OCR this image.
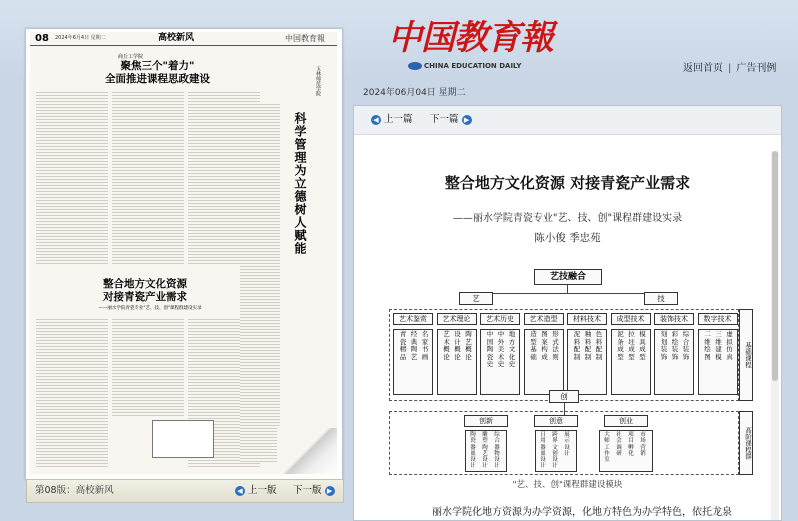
08 2024年6月4日 星期二	高校新风	中国教育報
商丘工学院
聚焦三个"着力"
全面推进课程思政建设	玉林师范学院
科学管理为立德树人赋能
整合地方文化资源
对接青瓷产业需求
——丽水学院青瓷专业"艺、技、创"课程群建设实录
第08版：高校新风	◀ 上一版 下一版 ▶
中国教育報
CHINA EDUCATION DAILY	返回首页 | 广告刊例
2024年06月04日 星期二
◀ 上一篇 下一篇 ▶
整合地方文化资源 对接青瓷产业需求
——丽水学院青瓷专业"艺、技、创"课程群建设实录
陈小俊 季忠苑
艺技融合
艺	技
基础课程
艺术鉴赏
青
瓷
精
品
经
典
陶
艺
名
家
书
画
艺术理论
艺
术
概
论
设
计
概
论
陶
艺
概
论
艺术历史
中
国
陶
瓷
史
中
外
美
术
史
地
方
文
化
史
艺术造型
造
型
基
础
图
案
构
成
形
式
法
则
材料技术
泥
料
配
制
釉
料
配
制
色
料
配
制
成型技术
泥
条
成
型
拉
坯
成
型
模
具
成
型
装饰技术
刻
划
装
饰
彩
绘
装
饰
综
合
装
饰
数字技术
二
维
绘
图
三
维
建
模
虚
拟
仿
真
创
高阶课程群
创新
陶
瓷
器
皿
设
计
雕
塑
陶
艺
设
计
综
合
器
物
设
计
创意
日
用
器
皿
设
计
跨
界
文
创
设
计
展
示
设
计
创业
大
师
工
作
室
社
会
调
研
项
目
孵
化
市
场
营
销
"艺、技、创"课程群建设模块
丽水学院化地方资源为办学资源，化地方特色为办学特色，依托龙泉
